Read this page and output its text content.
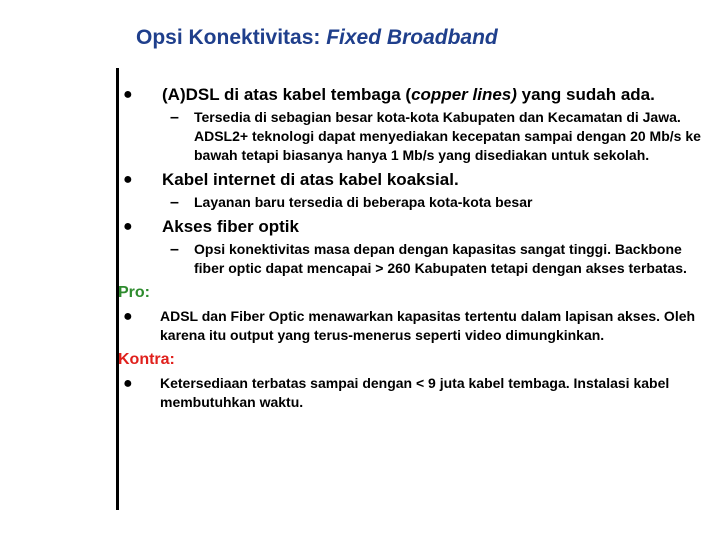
Opsi Konektivitas: Fixed Broadband
● (A)DSL di atas kabel tembaga (copper lines) yang sudah ada.
– Tersedia di sebagian besar kota-kota Kabupaten dan Kecamatan di Jawa. ADSL2+ teknologi dapat menyediakan kecepatan sampai dengan 20 Mb/s ke bawah tetapi biasanya hanya 1 Mb/s yang disediakan untuk sekolah.
● Kabel internet di atas kabel koaksial.
– Layanan baru tersedia di beberapa kota-kota besar
● Akses fiber optik
– Opsi konektivitas masa depan dengan kapasitas sangat tinggi. Backbone fiber optic dapat mencapai > 260 Kabupaten tetapi dengan akses terbatas.
Pro:
● ADSL dan Fiber Optic menawarkan kapasitas tertentu dalam lapisan akses. Oleh karena itu output yang terus-menerus seperti video dimungkinkan.
Kontra:
● Ketersediaan terbatas sampai dengan < 9 juta kabel tembaga. Instalasi kabel membutuhkan waktu.
